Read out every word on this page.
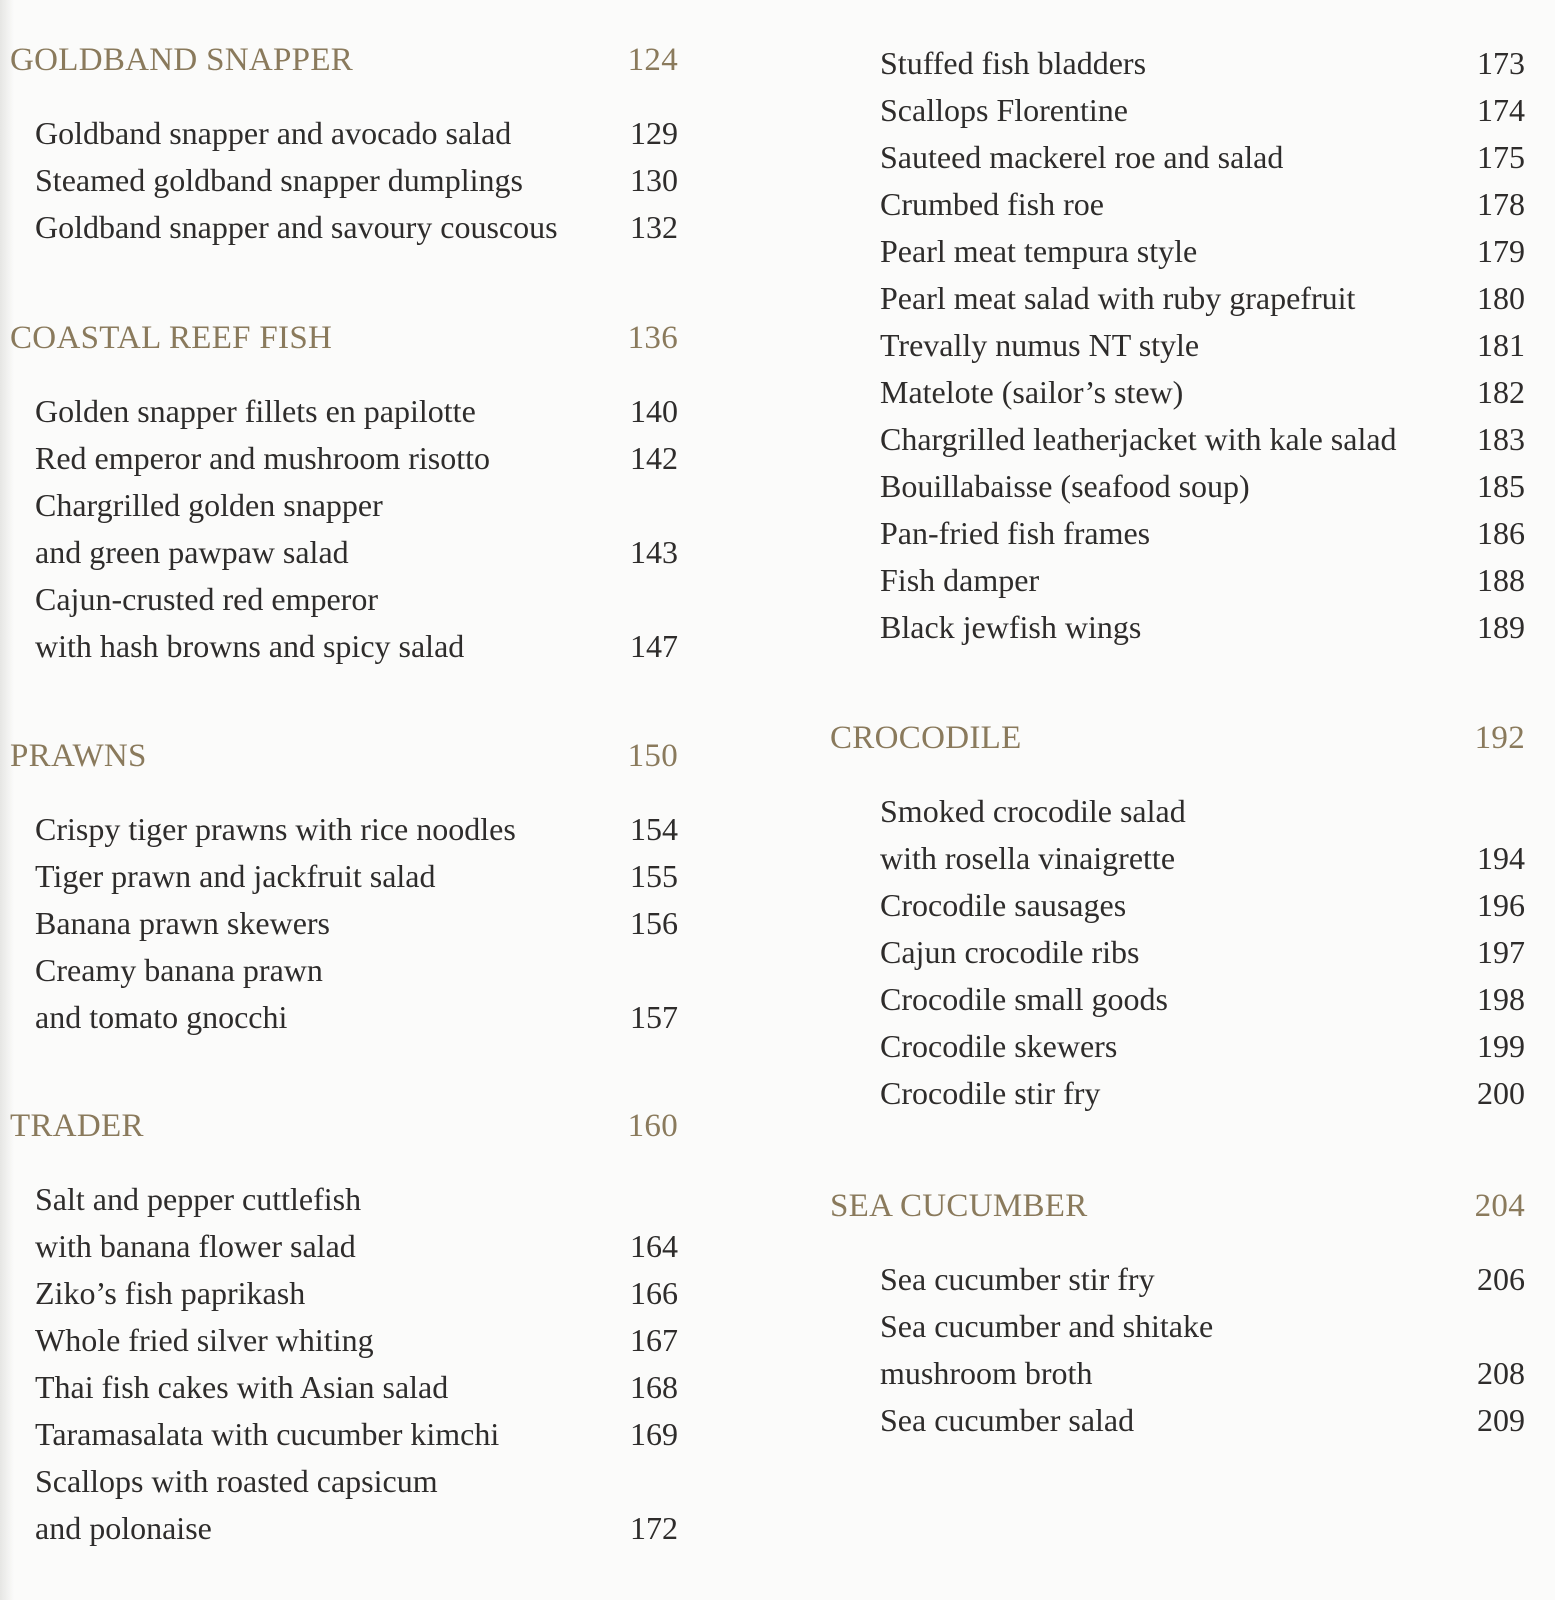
GOLDBAND SNAPPER	124
Goldband snapper and avocado salad	129
Steamed goldband snapper dumplings	130
Goldband snapper and savoury couscous 132
COASTAL REEF FISH	136
Golden snapper fillets en papilotte	140
Red emperor and mushroom risotto	142
Chargrilled golden snapper
and green pawpaw salad	143
Cajun-crusted red emperor
with hash browns and spicy salad	147
PRAWNS	150
Crispy tiger prawns with rice noodles	154
Tiger prawn and jackfruit salad	155
Banana prawn skewers	156
Creamy banana prawn
and tomato gnocchi	157
TRADER	160
Salt and pepper cuttlefish
with banana flower salad	164
Ziko’s fish paprikash	166
Whole fried silver whiting	167
Thai fish cakes with Asian salad	168
Taramasalata with cucumber kimchi	169
Scallops with roasted capsicum
and polonaise	172
Stuffed fish bladders	173
Scallops Florentine	174
Sauteed mackerel roe and salad	175
Crumbed fish roe	178
Pearl meat tempura style	179
Pearl meat salad with ruby grapefruit	180
Trevally numus NT style	181
Matelote (sailor’s stew)	182
Chargrilled leatherjacket with kale salad	183
Bouillabaisse (seafood soup)	185
Pan-fried fish frames	186
Fish damper	188
Black jewfish wings	189
CROCODILE	192
Smoked crocodile salad
with rosella vinaigrette	194
Crocodile sausages	196
Cajun crocodile ribs	197
Crocodile small goods	198
Crocodile skewers	199
Crocodile stir fry	200
SEA CUCUMBER	204
Sea cucumber stir fry	206
Sea cucumber and shitake
mushroom broth	208
Sea cucumber salad	209
